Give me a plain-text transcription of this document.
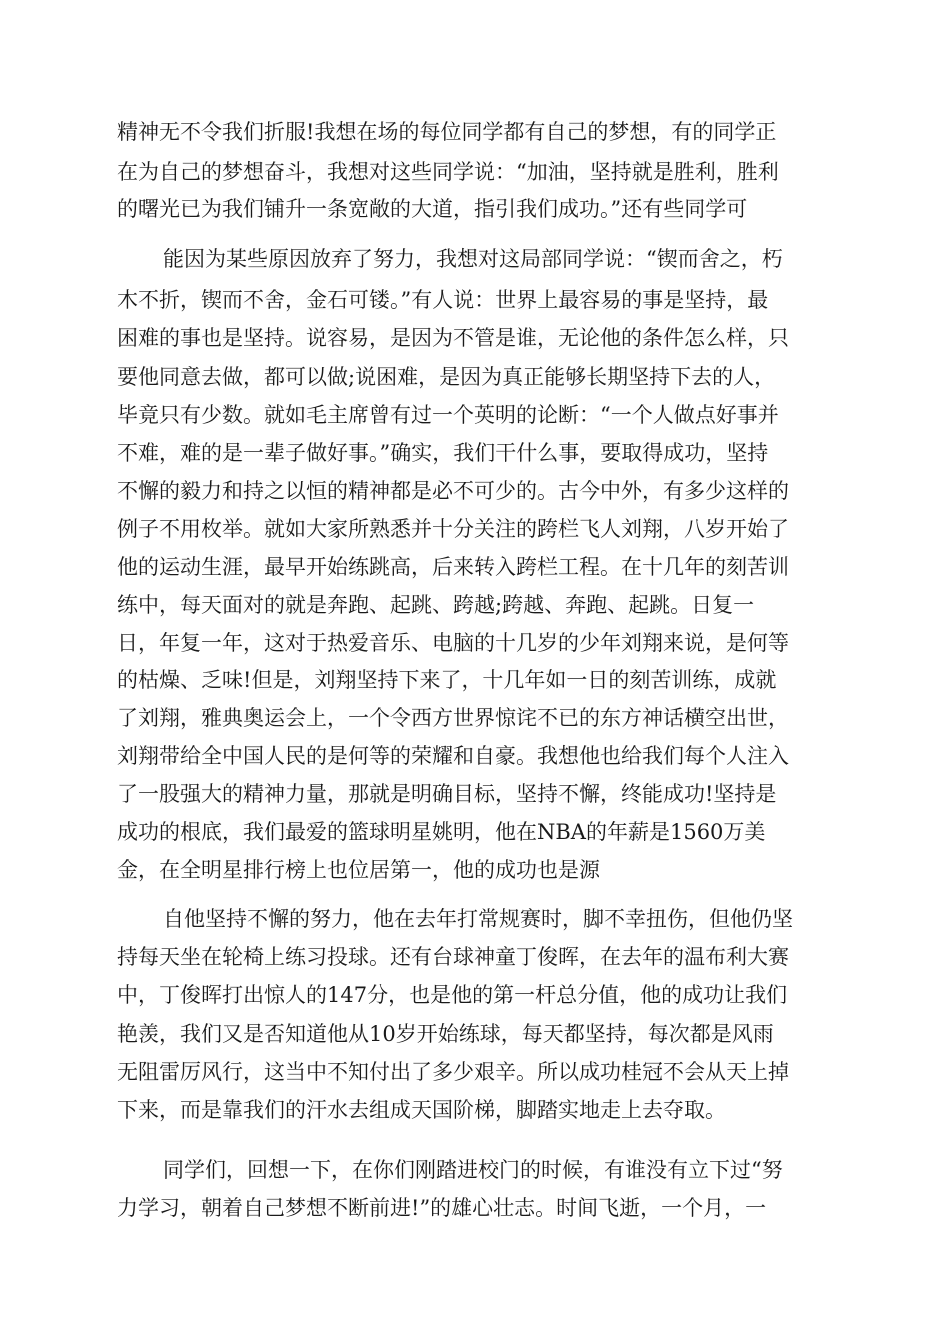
精神无不令我们折服!我想在场的每位同学都有自己的梦想，有的同学正

在为自己的梦想奋斗，我想对这些同学说：“加油，坚持就是胜利，胜利

的曙光已为我们铺升一条宽敞的大道，指引我们成功。”还有些同学可

能因为某些原因放弃了努力，我想对这局部同学说：“锲而舍之，朽

木不折，锲而不舍，金石可镂。”有人说：世界上最容易的事是坚持，最

困难的事也是坚持。说容易，是因为不管是谁，无论他的条件怎么样，只

要他同意去做，都可以做;说困难，是因为真正能够长期坚持下去的人，

毕竟只有少数。就如毛主席曾有过一个英明的论断：“一个人做点好事并

不难，难的是一辈子做好事。”确实，我们干什么事，要取得成功，坚持

不懈的毅力和持之以恒的精神都是必不可少的。古今中外，有多少这样的

例子不用枚举。就如大家所熟悉并十分关注的跨栏飞人刘翔，八岁开始了

他的运动生涯，最早开始练跳高，后来转入跨栏工程。在十几年的刻苦训

练中，每天面对的就是奔跑、起跳、跨越;跨越、奔跑、起跳。日复一

日，年复一年，这对于热爱音乐、电脑的十几岁的少年刘翔来说，是何等

的枯燥、乏味!但是，刘翔坚持下来了，十几年如一日的刻苦训练，成就

了刘翔，雅典奥运会上，一个令西方世界惊诧不已的东方神话横空出世，

刘翔带给全中国人民的是何等的荣耀和自豪。我想他也给我们每个人注入

了一股强大的精神力量，那就是明确目标，坚持不懈，终能成功!坚持是

成功的根底，我们最爱的篮球明星姚明，他在NBA的年薪是1560万美

金，在全明星排行榜上也位居第一，他的成功也是源

自他坚持不懈的努力，他在去年打常规赛时，脚不幸扭伤，但他仍坚

持每天坐在轮椅上练习投球。还有台球神童丁俊晖，在去年的温布利大赛

中，丁俊晖打出惊人的147分，也是他的第一杆总分值，他的成功让我们

艳羡，我们又是否知道他从10岁开始练球，每天都坚持，每次都是风雨

无阻雷厉风行，这当中不知付出了多少艰辛。所以成功桂冠不会从天上掉

下来，而是靠我们的汗水去组成天国阶梯，脚踏实地走上去夺取。

同学们，回想一下，在你们刚踏进校门的时候，有谁没有立下过“努

力学习，朝着自己梦想不断前进!”的雄心壮志。时间飞逝，一个月，一
